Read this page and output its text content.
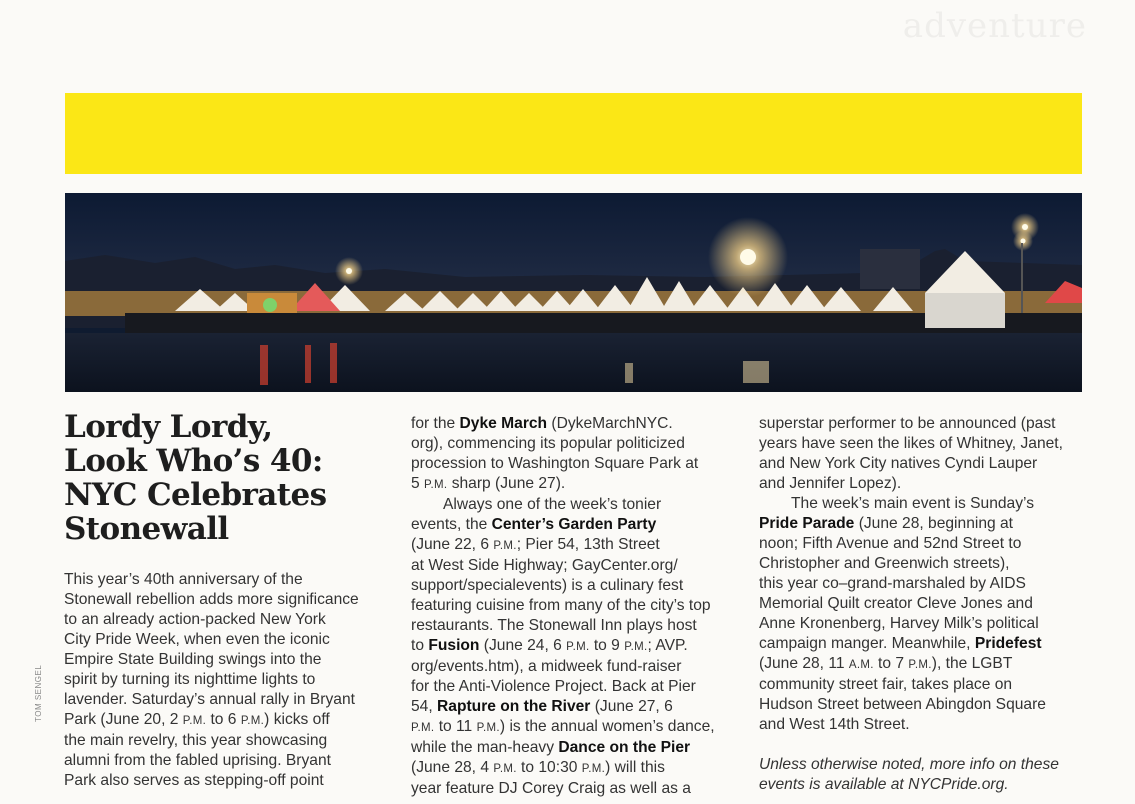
adventure
TOM SENGEL
Lordy Lordy,
Look Who’s 40:
NYC Celebrates
Stonewall
This year’s 40th anniversary of the
Stonewall rebellion adds more significance
to an already action-packed New York
City Pride Week, when even the iconic
Empire State Building swings into the
spirit by turning its nighttime lights to
lavender. Saturday’s annual rally in Bryant
Park (June 20, 2 P.M. to 6 P.M.) kicks off
the main revelry, this year showcasing
alumni from the fabled uprising. Bryant
Park also serves as stepping-off point
for the Dyke March (DykeMarchNYC.
org), commencing its popular politicized
procession to Washington Square Park at
5 P.M. sharp (June 27).
Always one of the week’s tonier
events, the Center’s Garden Party
(June 22, 6 P.M.; Pier 54, 13th Street
at West Side Highway; GayCenter.org/
support/specialevents) is a culinary fest
featuring cuisine from many of the city’s top
restaurants. The Stonewall Inn plays host
to Fusion (June 24, 6 P.M. to 9 P.M.; AVP.
org/events.htm), a midweek fund-raiser
for the Anti-Violence Project. Back at Pier
54, Rapture on the River (June 27, 6
P.M. to 11 P.M.) is the annual women’s dance,
while the man-heavy Dance on the Pier
(June 28, 4 P.M. to 10:30 P.M.) will this
year feature DJ Corey Craig as well as a
superstar performer to be announced (past
years have seen the likes of Whitney, Janet,
and New York City natives Cyndi Lauper
and Jennifer Lopez).
The week’s main event is Sunday’s
Pride Parade (June 28, beginning at
noon; Fifth Avenue and 52nd Street to
Christopher and Greenwich streets),
this year co–grand-marshaled by AIDS
Memorial Quilt creator Cleve Jones and
Anne Kronenberg, Harvey Milk’s political
campaign manger. Meanwhile, Pridefest
(June 28, 11 A.M. to 7 P.M.), the LGBT
community street fair, takes place on
Hudson Street between Abingdon Square
and West 14th Street.
Unless otherwise noted, more info on these
events is available at NYCPride.org.
